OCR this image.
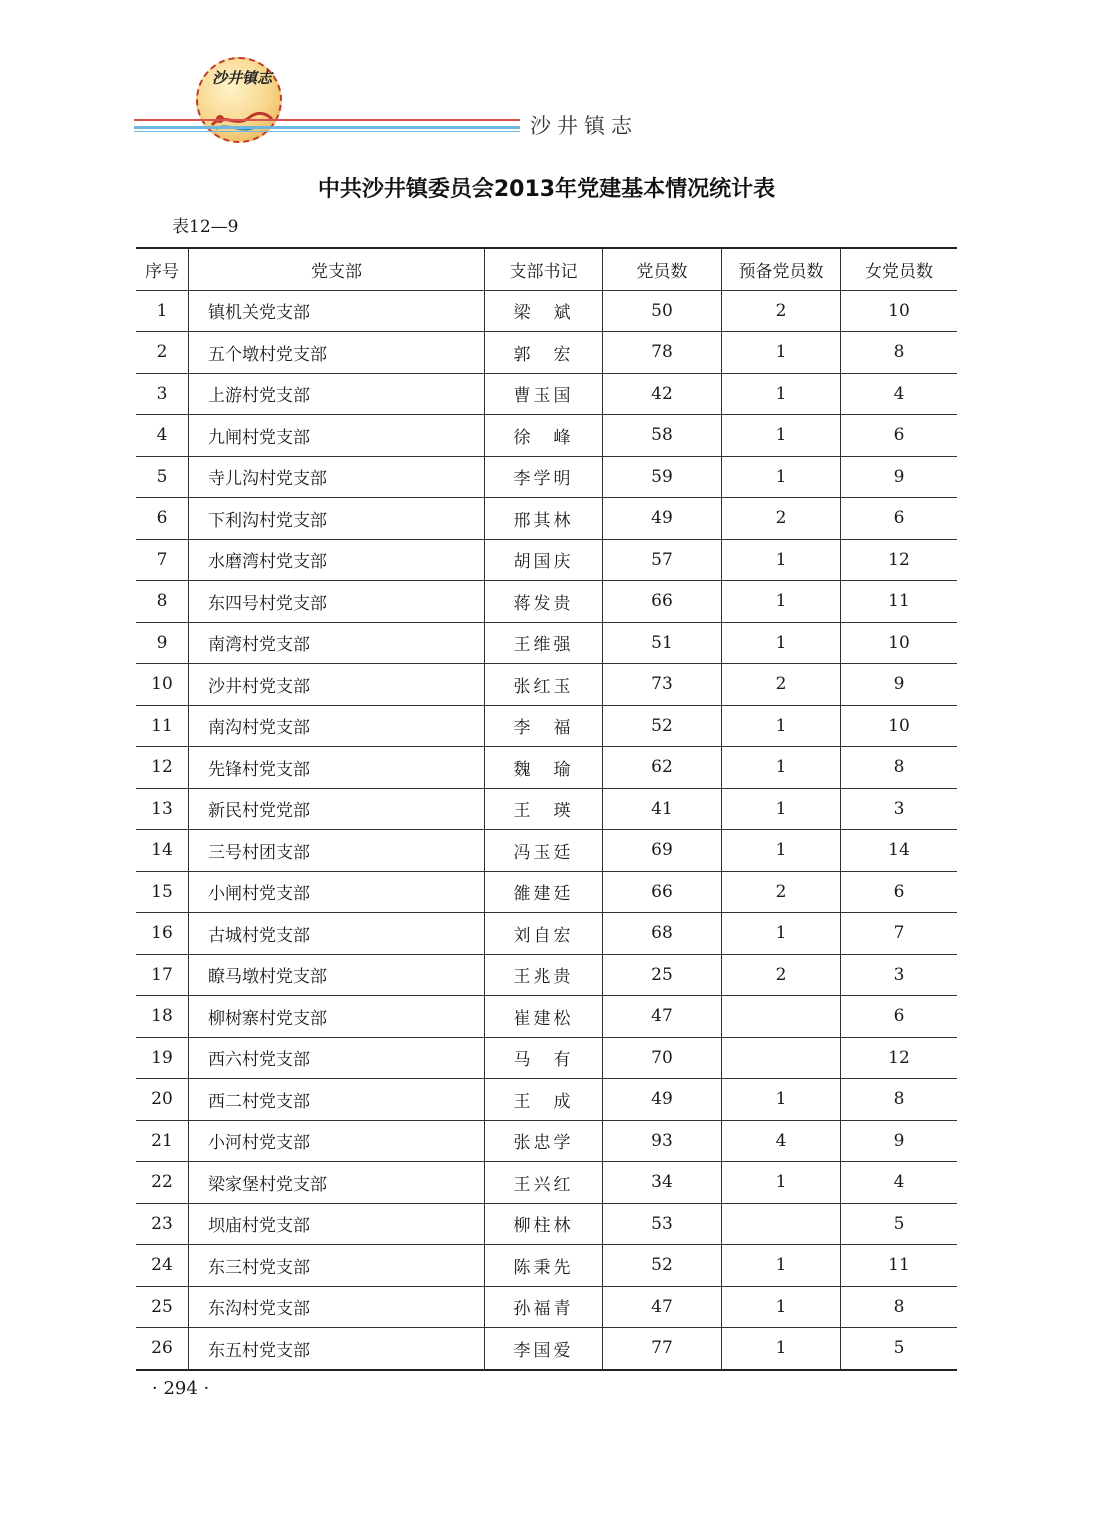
沙井镇志
沙井镇志
中共沙井镇委员会2013年党建基本情况统计表
表12—9
序号	党支部	支部书记	党员数	预备党员数	女党员数
1	镇机关党支部	梁　斌	50	2	10
2	五个墩村党支部	郭　宏	78	1	8
3	上游村党支部	曹玉国	42	1	4
4	九闸村党支部	徐　峰	58	1	6
5	寺儿沟村党支部	李学明	59	1	9
6	下利沟村党支部	邢其林	49	2	6
7	水磨湾村党支部	胡国庆	57	1	12
8	东四号村党支部	蒋发贵	66	1	11
9	南湾村党支部	王维强	51	1	10
10	沙井村党支部	张红玉	73	2	9
11	南沟村党支部	李　福	52	1	10
12	先锋村党支部	魏　瑜	62	1	8
13	新民村党党部	王　瑛	41	1	3
14	三号村团支部	冯玉廷	69	1	14
15	小闸村党支部	雒建廷	66	2	6
16	古城村党支部	刘自宏	68	1	7
17	瞭马墩村党支部	王兆贵	25	2	3
18	柳树寨村党支部	崔建松	47		6
19	西六村党支部	马　有	70		12
20	西二村党支部	王　成	49	1	8
21	小河村党支部	张忠学	93	4	9
22	梁家堡村党支部	王兴红	34	1	4
23	坝庙村党支部	柳柱林	53		5
24	东三村党支部	陈秉先	52	1	11
25	东沟村党支部	孙福青	47	1	8
26	东五村党支部	李国爱	77	1	5
· 294 ·
